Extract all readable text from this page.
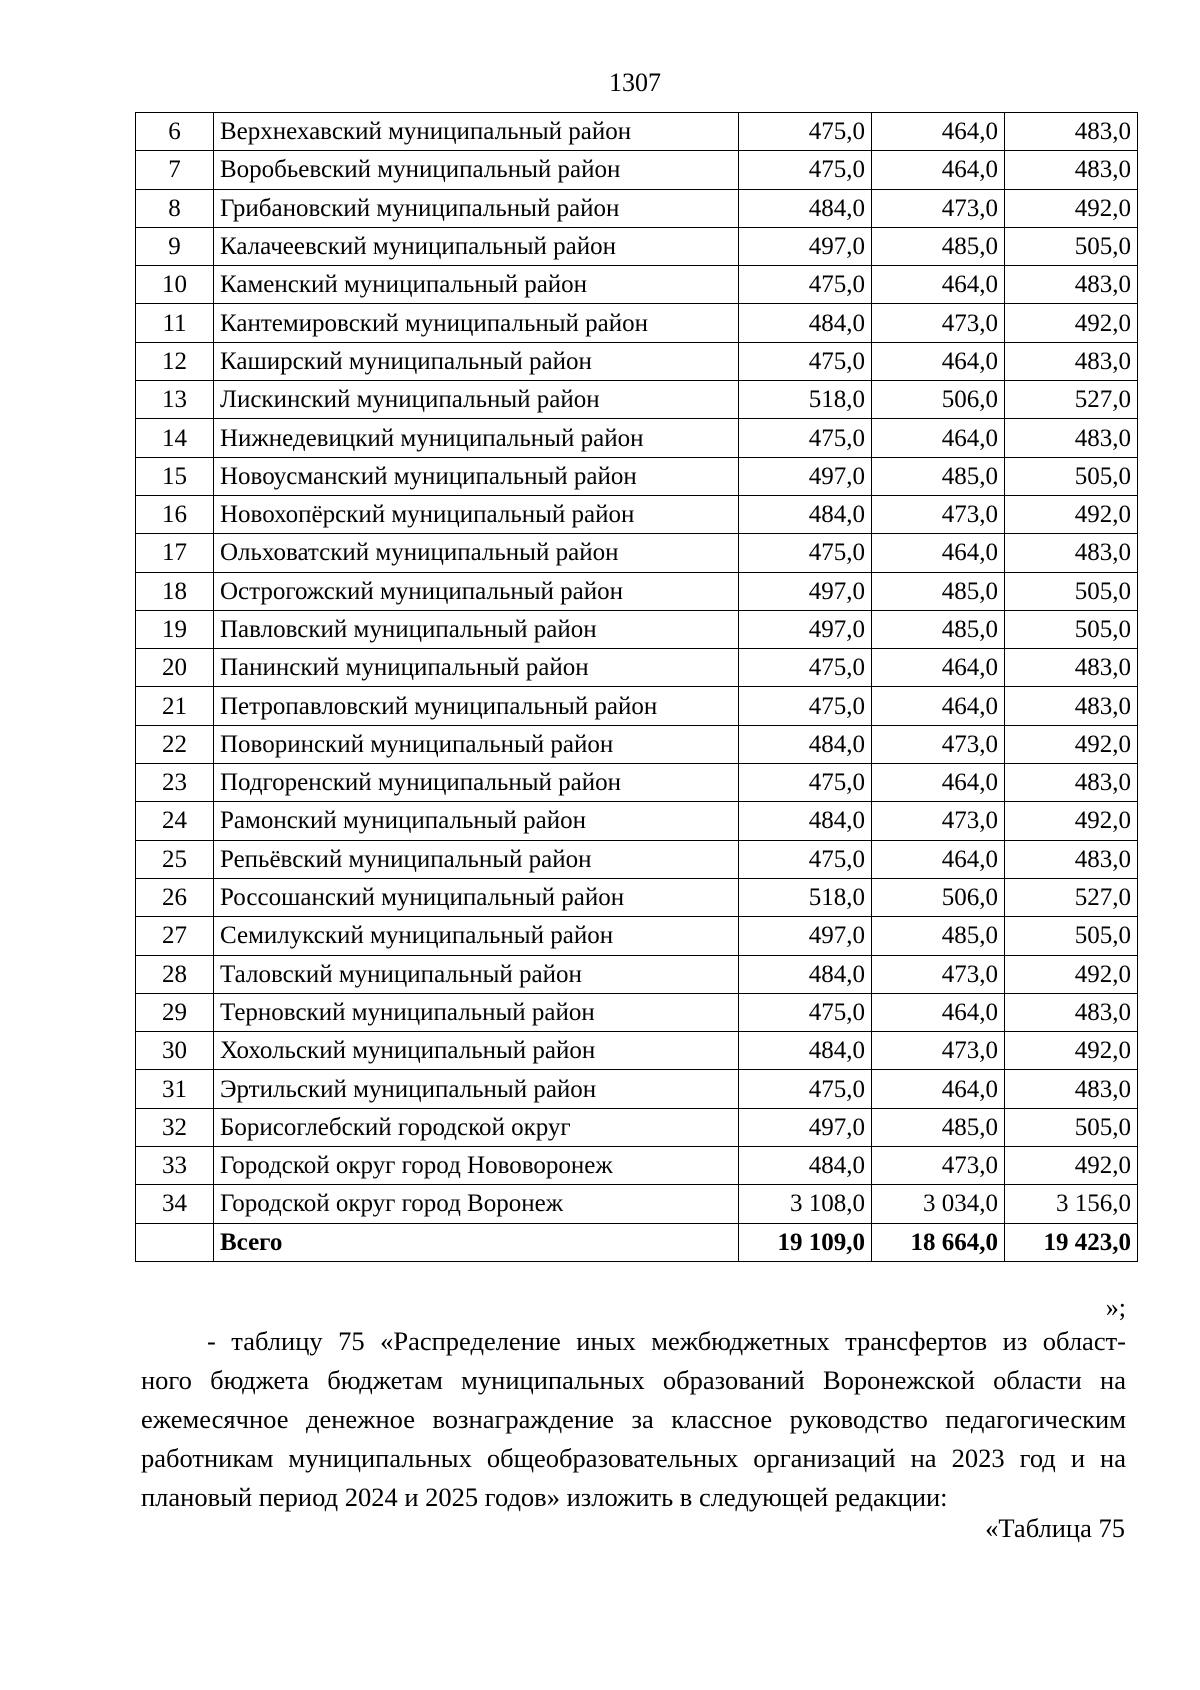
1307
6	Верхнехавский муниципальный район	475,0	464,0	483,0
7	Воробьевский муниципальный район	475,0	464,0	483,0
8	Грибановский муниципальный район	484,0	473,0	492,0
9	Калачеевский муниципальный район	497,0	485,0	505,0
10	Каменский муниципальный район	475,0	464,0	483,0
11	Кантемировский муниципальный район	484,0	473,0	492,0
12	Каширский муниципальный район	475,0	464,0	483,0
13	Лискинский муниципальный район	518,0	506,0	527,0
14	Нижнедевицкий муниципальный район	475,0	464,0	483,0
15	Новоусманский муниципальный район	497,0	485,0	505,0
16	Новохопёрский муниципальный район	484,0	473,0	492,0
17	Ольховатский муниципальный район	475,0	464,0	483,0
18	Острогожский муниципальный район	497,0	485,0	505,0
19	Павловский муниципальный район	497,0	485,0	505,0
20	Панинский муниципальный район	475,0	464,0	483,0
21	Петропавловский муниципальный район	475,0	464,0	483,0
22	Поворинский муниципальный район	484,0	473,0	492,0
23	Подгоренский муниципальный район	475,0	464,0	483,0
24	Рамонский муниципальный район	484,0	473,0	492,0
25	Репьёвский муниципальный район	475,0	464,0	483,0
26	Россошанский муниципальный район	518,0	506,0	527,0
27	Семилукский муниципальный район	497,0	485,0	505,0
28	Таловский муниципальный район	484,0	473,0	492,0
29	Терновский муниципальный район	475,0	464,0	483,0
30	Хохольский муниципальный район	484,0	473,0	492,0
31	Эртильский муниципальный район	475,0	464,0	483,0
32	Борисоглебский городской округ	497,0	485,0	505,0
33	Городской округ город Нововоронеж	484,0	473,0	492,0
34	Городской округ город Воронеж	3 108,0	3 034,0	3 156,0
	Всего	19 109,0	18 664,0	19 423,0
»;
- таблицу 75 «Распределение иных межбюджетных трансфертов из област-
ного бюджета бюджетам муниципальных образований Воронежской области на
ежемесячное денежное вознаграждение за классное руководство педагогическим
работникам муниципальных общеобразовательных организаций на 2023 год и на
плановый период 2024 и 2025 годов» изложить в следующей редакции:
«Таблица 75
